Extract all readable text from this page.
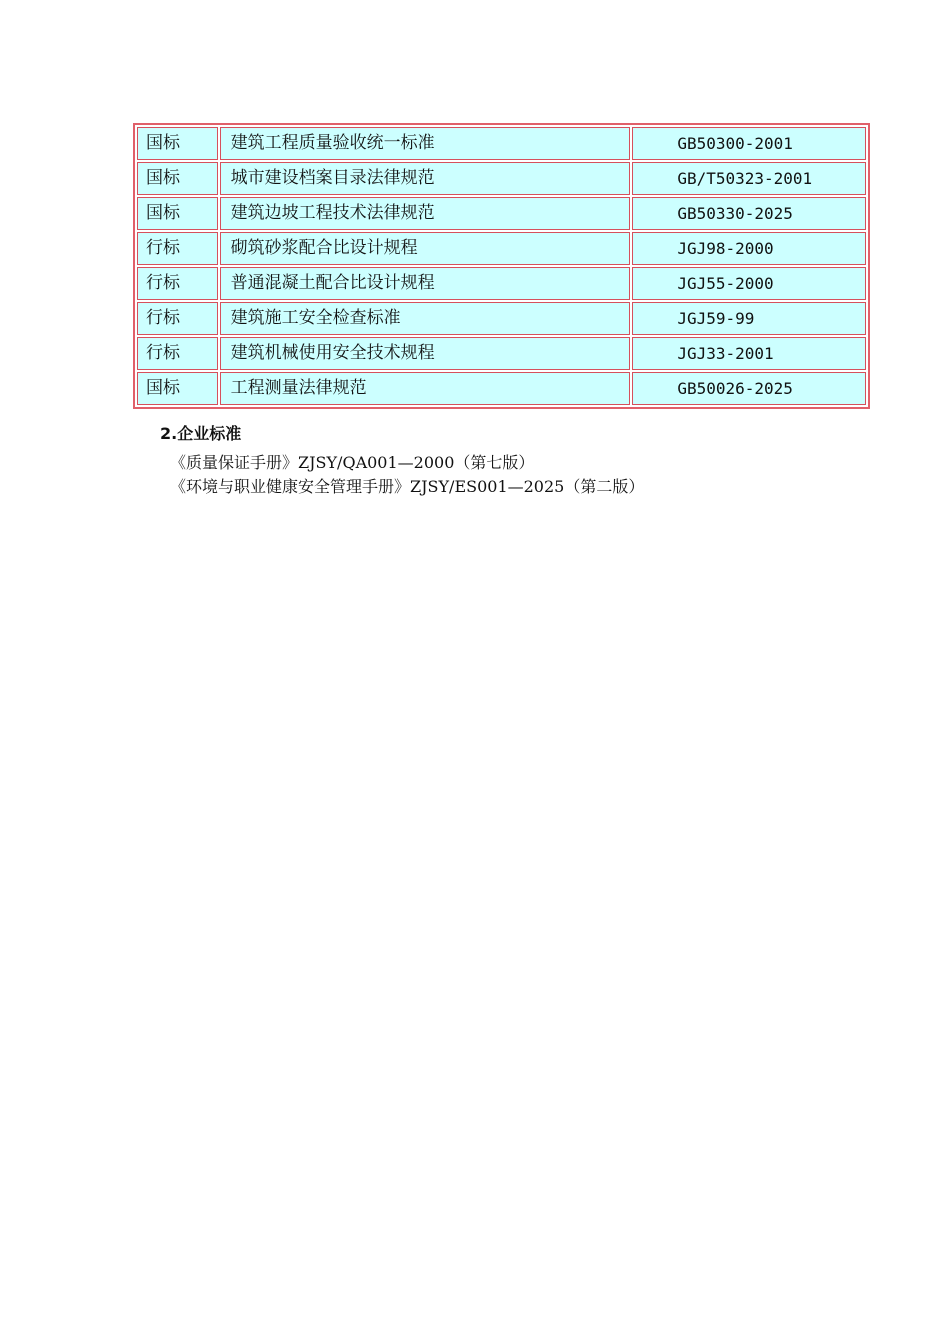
国标	建筑工程质量验收统一标准	GB50300-2001
国标	城市建设档案目录法律规范	GB/T50323-2001
国标	建筑边坡工程技术法律规范	GB50330-2025
行标	砌筑砂浆配合比设计规程	JGJ98-2000
行标	普通混凝土配合比设计规程	JGJ55-2000
行标	建筑施工安全检查标准	JGJ59-99
行标	建筑机械使用安全技术规程	JGJ33-2001
国标	工程测量法律规范	GB50026-2025

2.企业标准

《质量保证手册》ZJSY/QA001—2000（第七版）

《环境与职业健康安全管理手册》ZJSY/ES001—2025（第二版）
